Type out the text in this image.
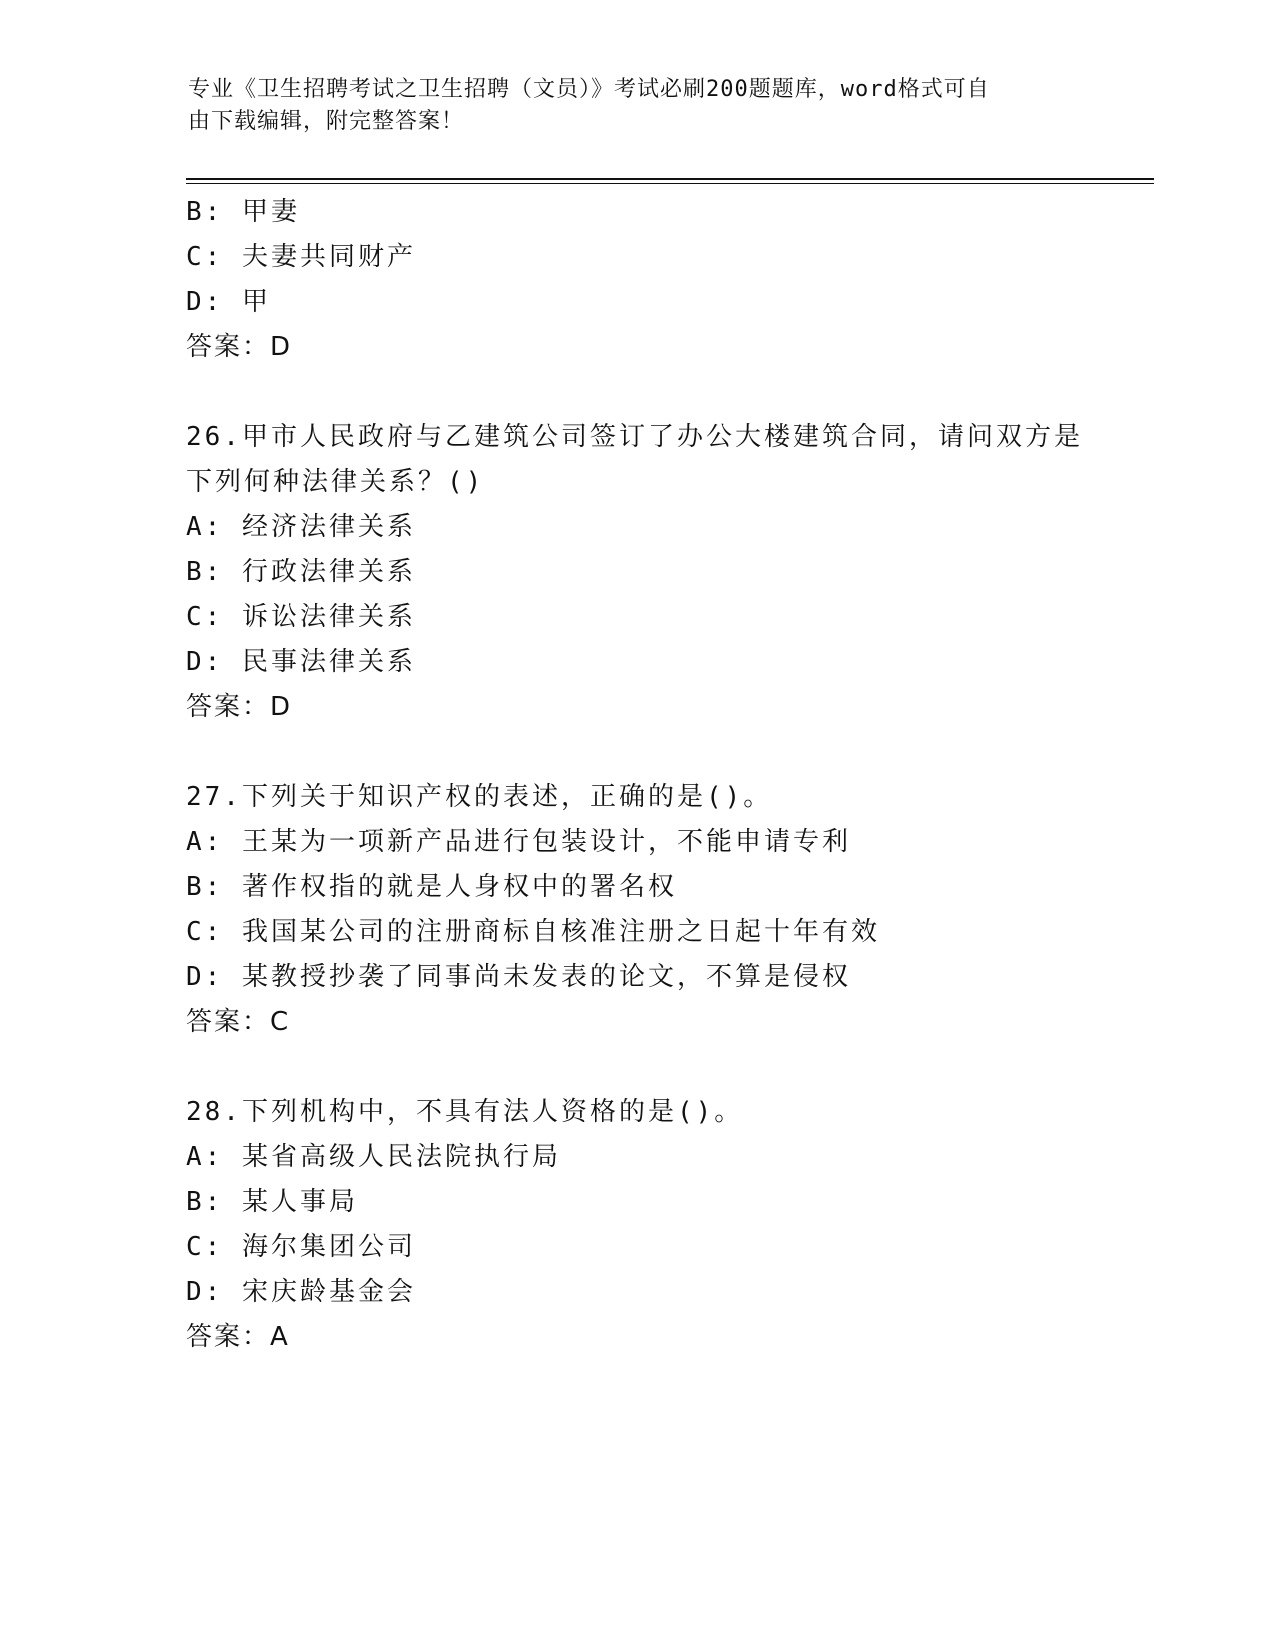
专业《卫生招聘考试之卫生招聘（文员）》考试必刷200题题库，word格式可自
由下载编辑，附完整答案！
B: 甲妻
C: 夫妻共同财产
D: 甲
答案：D
26.甲市人民政府与乙建筑公司签订了办公大楼建筑合同，请问双方是
下列何种法律关系？()
A: 经济法律关系
B: 行政法律关系
C: 诉讼法律关系
D: 民事法律关系
答案：D
27.下列关于知识产权的表述，正确的是()。
A: 王某为一项新产品进行包装设计，不能申请专利
B: 著作权指的就是人身权中的署名权
C: 我国某公司的注册商标自核准注册之日起十年有效
D: 某教授抄袭了同事尚未发表的论文，不算是侵权
答案：C
28.下列机构中，不具有法人资格的是()。
A: 某省高级人民法院执行局
B: 某人事局
C: 海尔集团公司
D: 宋庆龄基金会
答案：A
